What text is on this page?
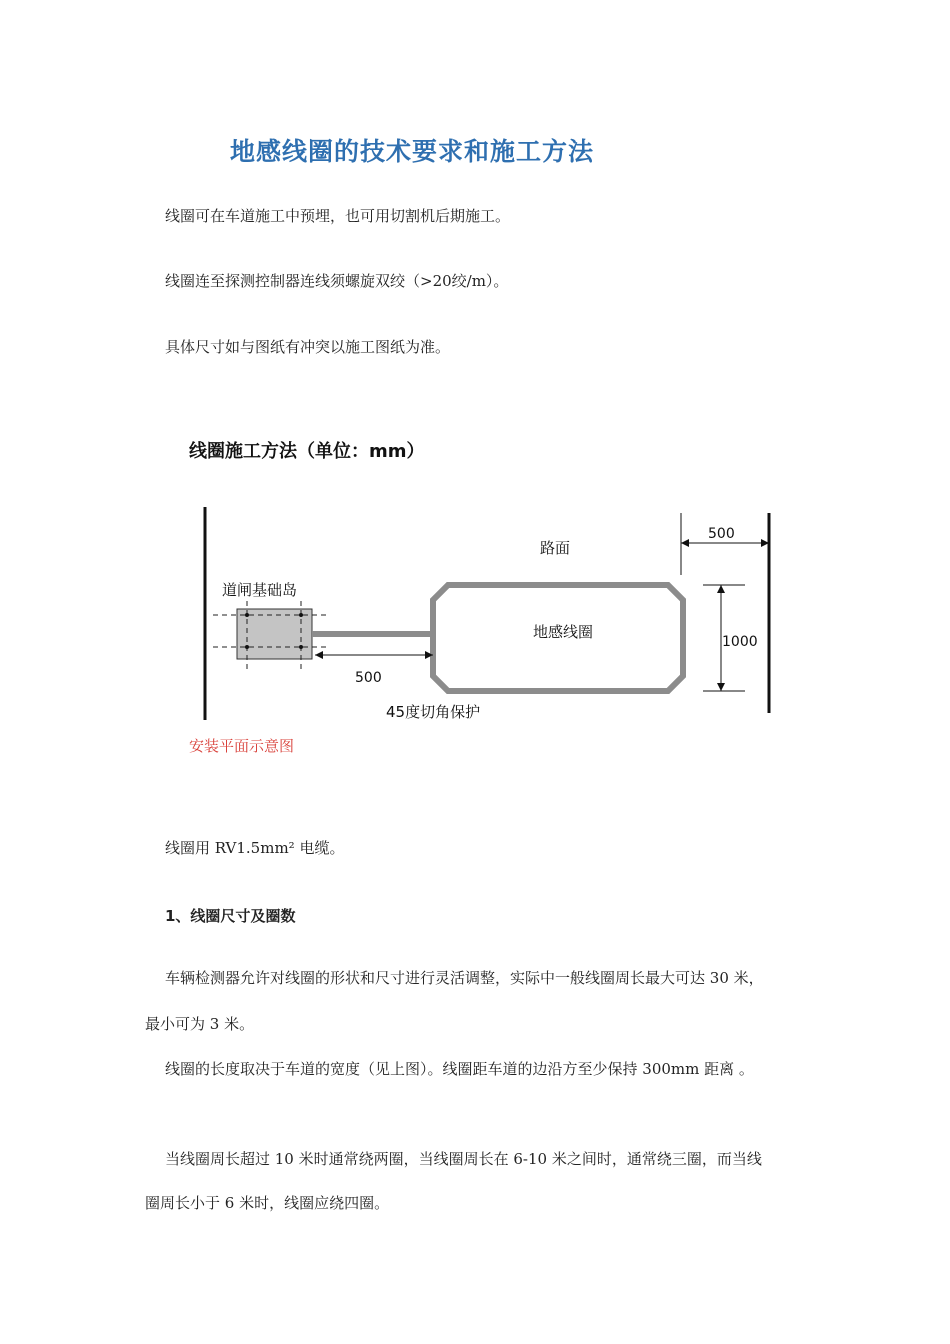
地感线圈的技术要求和施工方法
线圈可在车道施工中预埋，也可用切割机后期施工。
线圈连至探测控制器连线须螺旋双绞（>20绞/m）。
具体尺寸如与图纸有冲突以施工图纸为准。
线圈施工方法（单位：mm）
路面
道闸基础岛
地感线圈
500
1000
500
45度切角保护
安装平面示意图
线圈用 RV1.5mm² 电缆。
1、线圈尺寸及圈数
车辆检测器允许对线圈的形状和尺寸进行灵活调整，实际中一般线圈周长最大可达 30 米，
最小可为 3 米。
线圈的长度取决于车道的宽度（见上图）。线圈距车道的边沿方至少保持 300mm 距离 。
当线圈周长超过 10 米时通常绕两圈，当线圈周长在 6-10 米之间时，通常绕三圈，而当线
圈周长小于 6 米时，线圈应绕四圈。
